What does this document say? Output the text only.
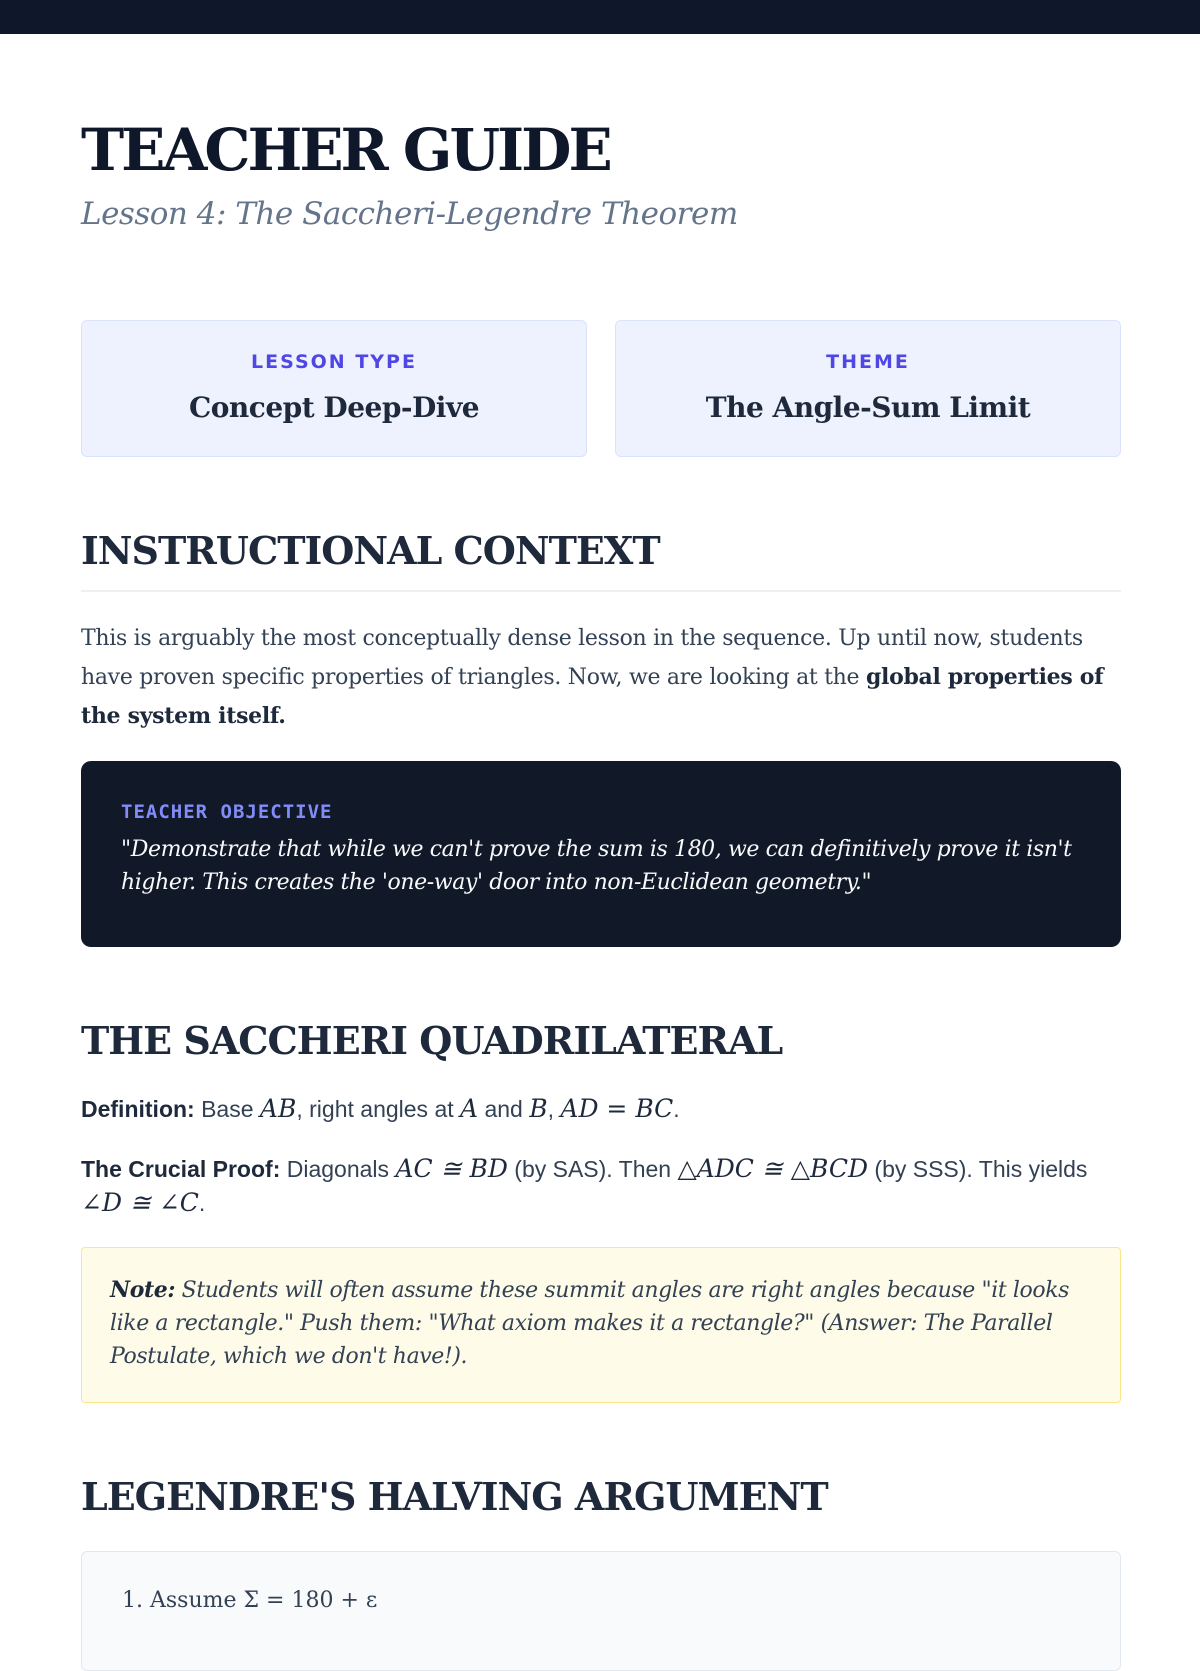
TEACHER GUIDE
Lesson 4: The Saccheri-Legendre Theorem
LESSON TYPE
Concept Deep-Dive
THEME
The Angle-Sum Limit
INSTRUCTIONAL CONTEXT

This is arguably the most conceptually dense lesson in the sequence. Up until now, students have proven specific properties of triangles. Now, we are looking at the global properties of the system itself.

TEACHER OBJECTIVE
"Demonstrate that while we can't prove the sum is 180, we can definitively prove it isn't higher. This creates the 'one-way' door into non-Euclidean geometry."
THE SACCHERI QUADRILATERAL

Definition: Base AB, right angles at A and B, AD = BC.

The Crucial Proof: Diagonals AC ≅ BD (by SAS). Then △ADC ≅ △BCD (by SSS). This yields ∠D ≅ ∠C.

Note: Students will often assume these summit angles are right angles because "it looks like a rectangle." Push them: "What axiom makes it a rectangle?" (Answer: The Parallel Postulate, which we don't have!).
LEGENDRE'S HALVING ARGUMENT
1. Assume Σ = 180 + ε
